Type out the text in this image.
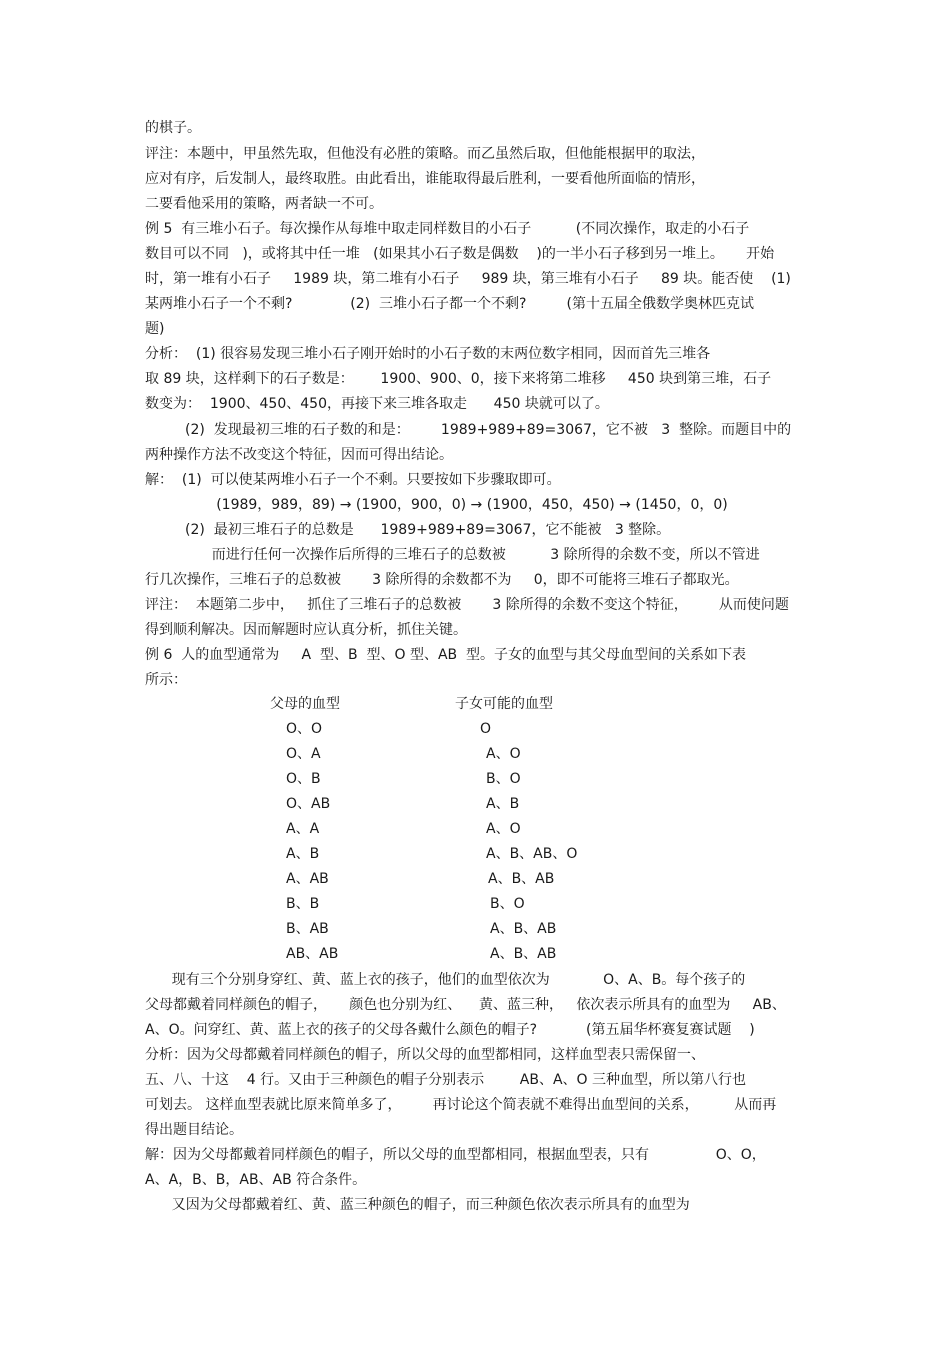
的棋子。

评注：本题中，甲虽然先取，但他没有必胜的策略。而乙虽然后取，但他能根据甲的取法，

应对有序，后发制人，最终取胜。由此看出，谁能取得最后胜利，一要看他所面临的情形，

二要看他采用的策略，两者缺一不可。

例 5  有三堆小石子。每次操作从每堆中取走同样数目的小石子          (不同次操作，取走的小石子

数目可以不同   )，或将其中任一堆   (如果其小石子数是偶数    )的一半小石子移到另一堆上。     开始

时，第一堆有小石子     1989 块，第二堆有小石子     989 块，第三堆有小石子     89 块。能否使    (1)

某两堆小石子一个不剩?             (2)  三堆小石子都一个不剩?         (第十五届全俄数学奥林匹克试

题)

分析：  (1) 很容易发现三堆小石子刚开始时的小石子数的末两位数字相同，因而首先三堆各

取 89 块，这样剩下的石子数是：      1900、900、0，接下来将第二堆移     450 块到第三堆，石子

数变为：  1900、450、450，再接下来三堆各取走      450 块就可以了。

(2)  发现最初三堆的石子数的和是：       1989+989+89=3067，它不被   3  整除。而题目中的

两种操作方法不改变这个特征，因而可得出结论。

解：  (1)  可以使某两堆小石子一个不剩。只要按如下步骤取即可。

(1989，989，89) → (1900，900，0) → (1900，450，450) → (1450，0，0)

(2)  最初三堆石子的总数是      1989+989+89=3067，它不能被   3 整除。

而进行任何一次操作后所得的三堆石子的总数被          3 除所得的余数不变，所以不管进

行几次操作，三堆石子的总数被       3 除所得的余数都不为     0，即不可能将三堆石子都取光。

评注：  本题第二步中，   抓住了三堆石子的总数被       3 除所得的余数不变这个特征，       从而使问题

得到顺利解决。因而解题时应认真分析，抓住关键。

例 6  人的血型通常为     A  型、B  型、O 型、AB  型。子女的血型与其父母血型间的关系如下表

所示：

父母的血型	子女可能的血型
O、O	O
O、A	A、O
O、B	B、O
O、AB	A、B
A、A	A、O
A、B	A、B、AB、O
A、AB	A、B、AB
B、B	B、O
B、AB	A、B、AB
AB、AB	A、B、AB

现有三个分别身穿红、黄、蓝上衣的孩子，他们的血型依次为            O、A、B。每个孩子的

父母都戴着同样颜色的帽子，     颜色也分别为红、    黄、蓝三种，   依次表示所具有的血型为     AB、

A、O。问穿红、黄、蓝上衣的孩子的父母各戴什么颜色的帽子?           (第五届华杯赛复赛试题    )

分析：因为父母都戴着同样颜色的帽子，所以父母的血型都相同，这样血型表只需保留一、

五、八、十这    4 行。又由于三种颜色的帽子分别表示        AB、A、O 三种血型，所以第八行也

可划去。 这样血型表就比原来简单多了，       再讨论这个简表就不难得出血型间的关系，        从而再

得出题目结论。

解：因为父母都戴着同样颜色的帽子，所以父母的血型都相同，根据血型表，只有               O、O，

A、A，B、B，AB、AB 符合条件。

又因为父母都戴着红、黄、蓝三种颜色的帽子，而三种颜色依次表示所具有的血型为
